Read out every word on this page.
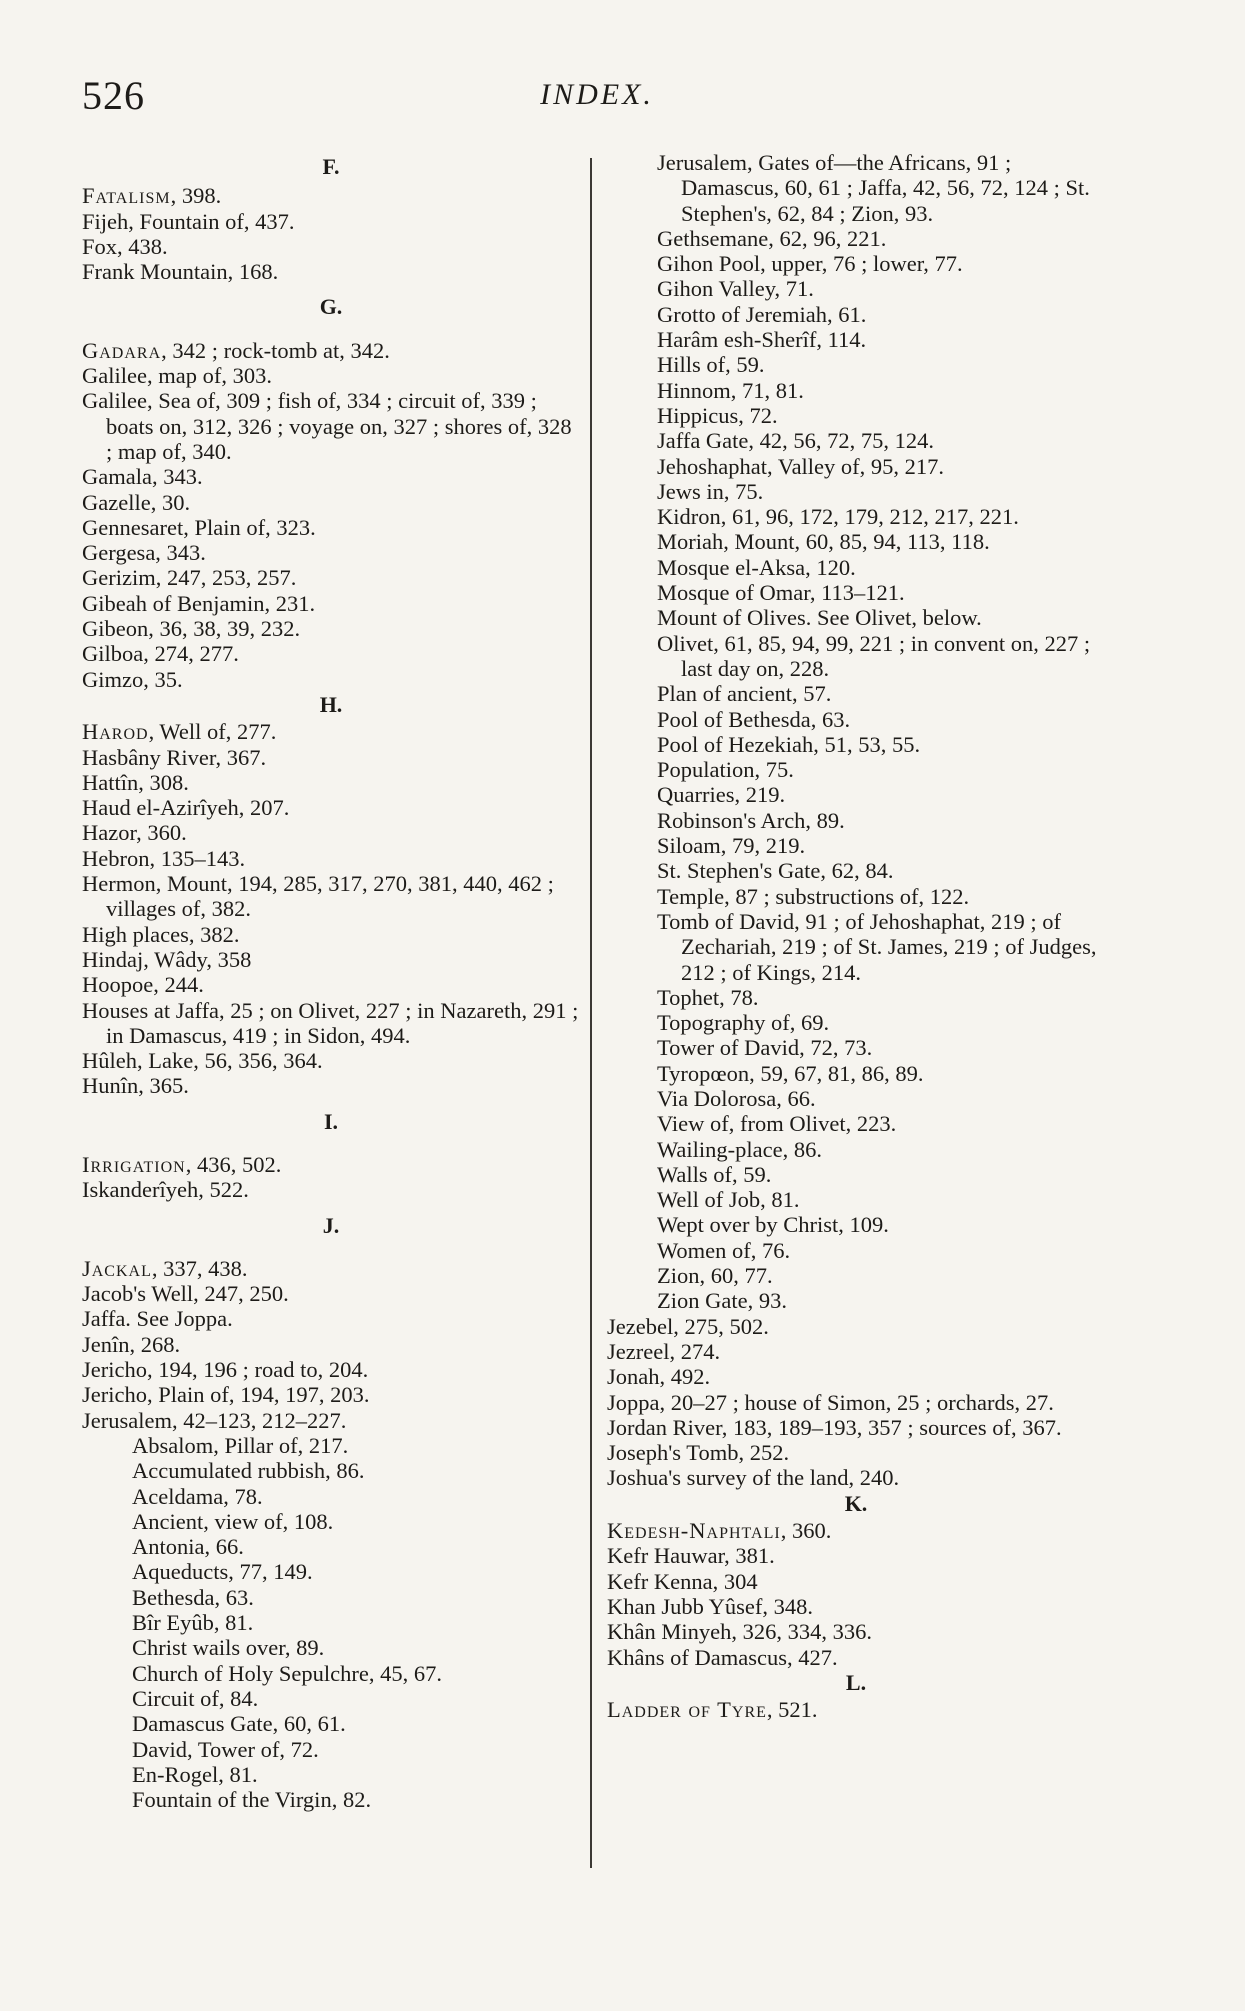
526	INDEX.
F.

Fatalism, 398.

Fijeh, Fountain of, 437.

Fox, 438.

Frank Mountain, 168.

G.

Gadara, 342 ; rock-tomb at, 342.

Galilee, map of, 303.

Galilee, Sea of, 309 ; fish of, 334 ; circuit of, 339 ; boats on, 312, 326 ; voyage on, 327 ; shores of, 328 ; map of, 340.

Gamala, 343.

Gazelle, 30.

Gennesaret, Plain of, 323.

Gergesa, 343.

Gerizim, 247, 253, 257.

Gibeah of Benjamin, 231.

Gibeon, 36, 38, 39, 232.

Gilboa, 274, 277.

Gimzo, 35.

H.

Harod, Well of, 277.

Hasbâny River, 367.

Hattîn, 308.

Haud el-Azirîyeh, 207.

Hazor, 360.

Hebron, 135–143.

Hermon, Mount, 194, 285, 317, 270, 381, 440, 462 ; villages of, 382.

High places, 382.

Hindaj, Wâdy, 358

Hoopoe, 244.

Houses at Jaffa, 25 ; on Olivet, 227 ; in Nazareth, 291 ; in Damascus, 419 ; in Sidon, 494.

Hûleh, Lake, 56, 356, 364.

Hunîn, 365.

I.

Irrigation, 436, 502.

Iskanderîyeh, 522.

J.

Jackal, 337, 438.

Jacob's Well, 247, 250.

Jaffa. See Joppa.

Jenîn, 268.

Jericho, 194, 196 ; road to, 204.

Jericho, Plain of, 194, 197, 203.

Jerusalem, 42–123, 212–227.

Absalom, Pillar of, 217.

Accumulated rubbish, 86.

Aceldama, 78.

Ancient, view of, 108.

Antonia, 66.

Aqueducts, 77, 149.

Bethesda, 63.

Bîr Eyûb, 81.

Christ wails over, 89.

Church of Holy Sepulchre, 45, 67.

Circuit of, 84.

Damascus Gate, 60, 61.

David, Tower of, 72.

En-Rogel, 81.

Fountain of the Virgin, 82.

Jerusalem, Gates of—the Africans, 91 ; Damascus, 60, 61 ; Jaffa, 42, 56, 72, 124 ; St. Stephen's, 62, 84 ; Zion, 93.

Gethsemane, 62, 96, 221.

Gihon Pool, upper, 76 ; lower, 77.

Gihon Valley, 71.

Grotto of Jeremiah, 61.

Harâm esh-Sherîf, 114.

Hills of, 59.

Hinnom, 71, 81.

Hippicus, 72.

Jaffa Gate, 42, 56, 72, 75, 124.

Jehoshaphat, Valley of, 95, 217.

Jews in, 75.

Kidron, 61, 96, 172, 179, 212, 217, 221.

Moriah, Mount, 60, 85, 94, 113, 118.

Mosque el-Aksa, 120.

Mosque of Omar, 113–121.

Mount of Olives. See Olivet, below.

Olivet, 61, 85, 94, 99, 221 ; in convent on, 227 ; last day on, 228.

Plan of ancient, 57.

Pool of Bethesda, 63.

Pool of Hezekiah, 51, 53, 55.

Population, 75.

Quarries, 219.

Robinson's Arch, 89.

Siloam, 79, 219.

St. Stephen's Gate, 62, 84.

Temple, 87 ; substructions of, 122.

Tomb of David, 91 ; of Jehoshaphat, 219 ; of Zechariah, 219 ; of St. James, 219 ; of Judges, 212 ; of Kings, 214.

Tophet, 78.

Topography of, 69.

Tower of David, 72, 73.

Tyropœon, 59, 67, 81, 86, 89.

Via Dolorosa, 66.

View of, from Olivet, 223.

Wailing-place, 86.

Walls of, 59.

Well of Job, 81.

Wept over by Christ, 109.

Women of, 76.

Zion, 60, 77.

Zion Gate, 93.

Jezebel, 275, 502.

Jezreel, 274.

Jonah, 492.

Joppa, 20–27 ; house of Simon, 25 ; orchards, 27.

Jordan River, 183, 189–193, 357 ; sources of, 367.

Joseph's Tomb, 252.

Joshua's survey of the land, 240.

K.

Kedesh-Naphtali, 360.

Kefr Hauwar, 381.

Kefr Kenna, 304

Khan Jubb Yûsef, 348.

Khân Minyeh, 326, 334, 336.

Khâns of Damascus, 427.

L.

Ladder of Tyre, 521.
